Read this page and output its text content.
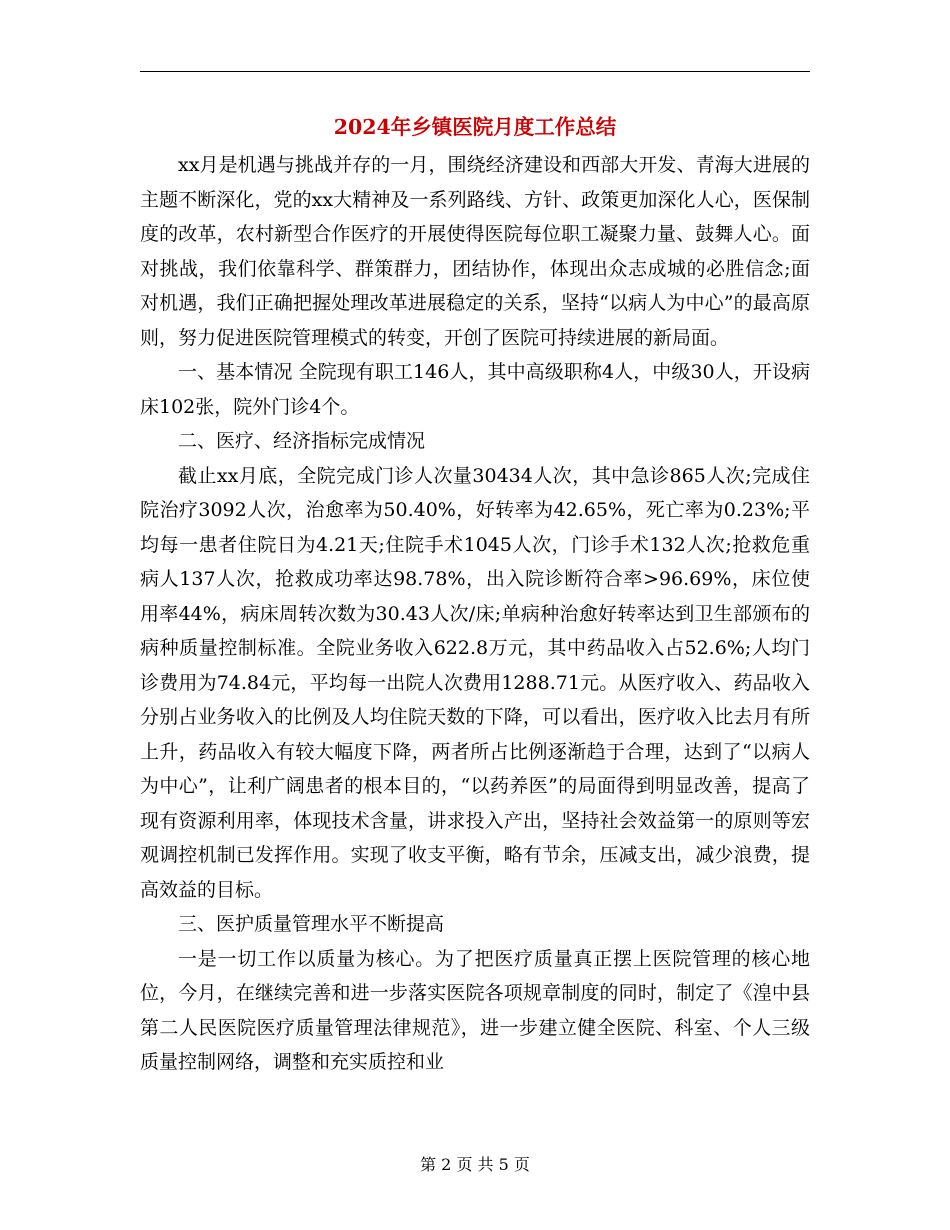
2024年乡镇医院月度工作总结

xx月是机遇与挑战并存的一月，围绕经济建设和西部大开发、青海大进展的主题不断深化，党的xx大精神及一系列路线、方针、政策更加深化人心，医保制度的改革，农村新型合作医疗的开展使得医院每位职工凝聚力量、鼓舞人心。面对挑战，我们依靠科学、群策群力，团结协作，体现出众志成城的必胜信念;面对机遇，我们正确把握处理改革进展稳定的关系，坚持“以病人为中心”的最高原则，努力促进医院管理模式的转变，开创了医院可持续进展的新局面。

一、基本情况 全院现有职工146人，其中高级职称4人，中级30人，开设病床102张，院外门诊4个。

二、医疗、经济指标完成情况

截止xx月底，全院完成门诊人次量30434人次，其中急诊865人次;完成住院治疗3092人次，治愈率为50.40%，好转率为42.65%，死亡率为0.23%;平均每一患者住院日为4.21天;住院手术1045人次，门诊手术132人次;抢救危重病人137人次，抢救成功率达98.78%，出入院诊断符合率>96.69%，床位使用率44%，病床周转次数为30.43人次/床;单病种治愈好转率达到卫生部颁布的病种质量控制标准。全院业务收入622.8万元，其中药品收入占52.6%;人均门诊费用为74.84元，平均每一出院人次费用1288.71元。从医疗收入、药品收入分别占业务收入的比例及人均住院天数的下降，可以看出，医疗收入比去月有所上升，药品收入有较大幅度下降，两者所占比例逐渐趋于合理，达到了“以病人为中心”，让利广阔患者的根本目的，“以药养医”的局面得到明显改善，提高了现有资源利用率，体现技术含量，讲求投入产出，坚持社会效益第一的原则等宏观调控机制已发挥作用。实现了收支平衡，略有节余，压减支出，减少浪费，提高效益的目标。

三、医护质量管理水平不断提高

一是一切工作以质量为核心。为了把医疗质量真正摆上医院管理的核心地位，今月，在继续完善和进一步落实医院各项规章制度的同时，制定了《湟中县第二人民医院医疗质量管理法律规范》，进一步建立健全医院、科室、个人三级质量控制网络，调整和充实质控和业

第 2 页 共 5 页
